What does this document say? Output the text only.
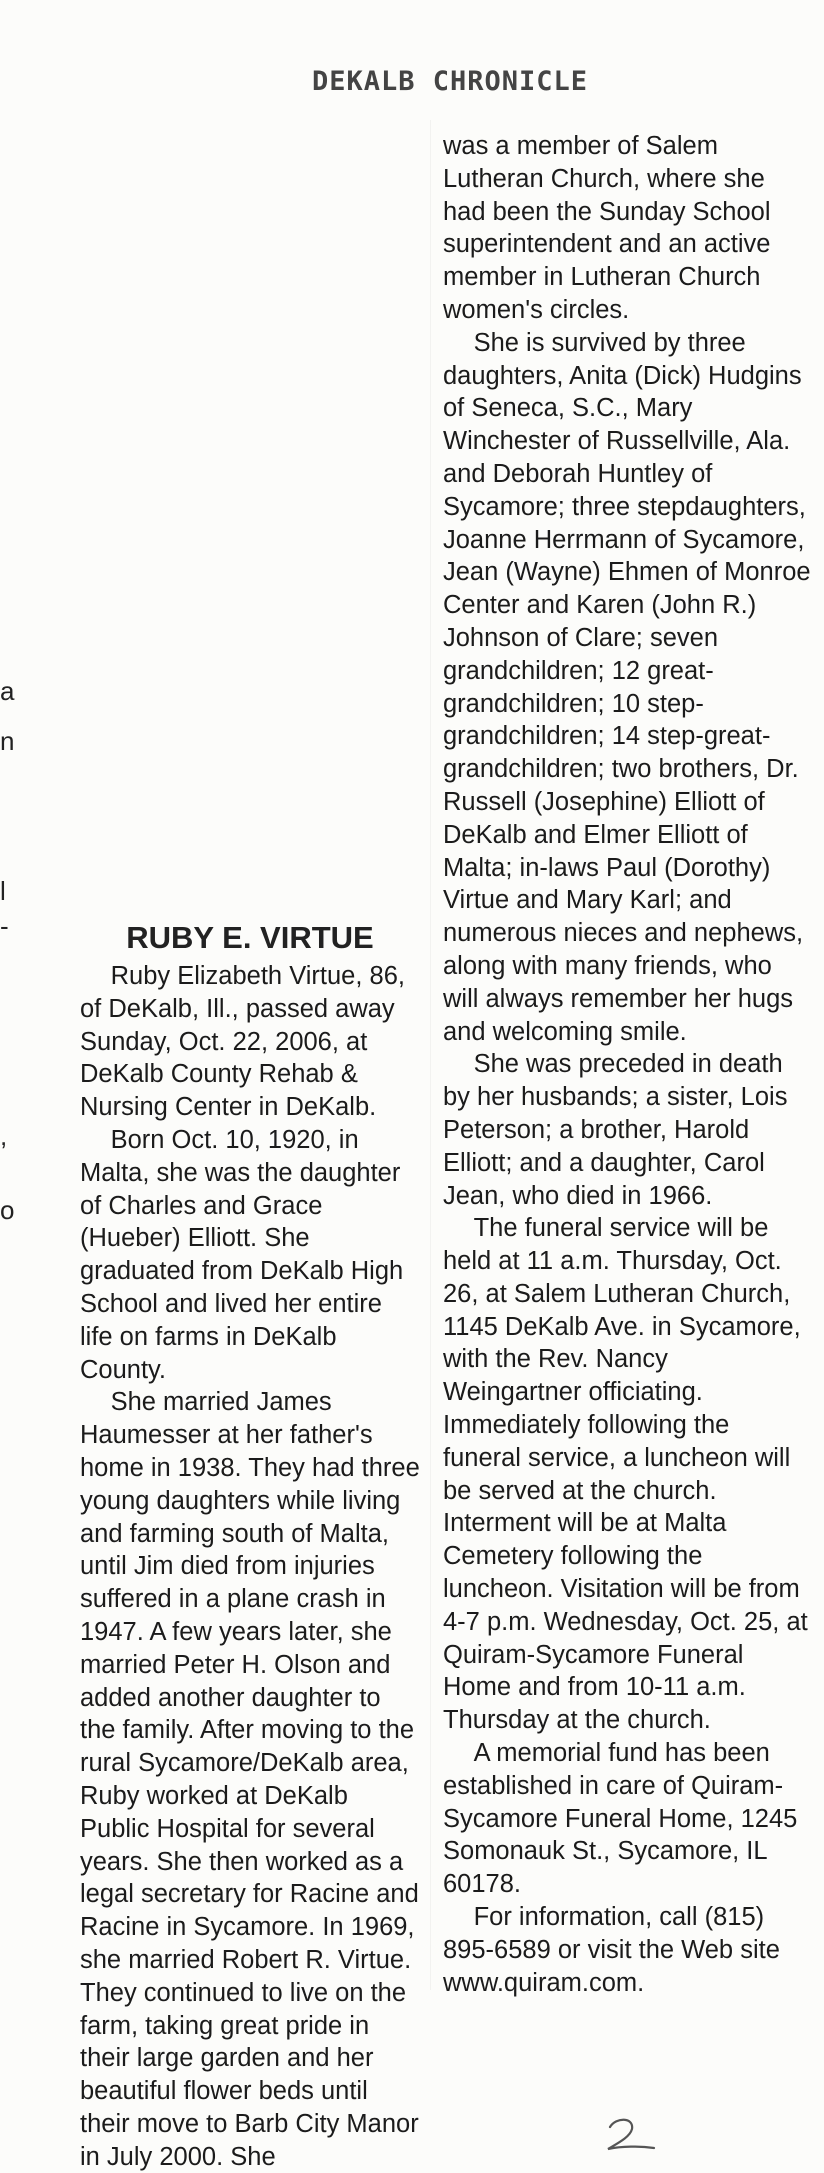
DEKALB CHRONICLE
a
n
l
-
,
o
RUBY E. VIRTUE

Ruby Elizabeth Virtue, 86, of DeKalb, Ill., passed away Sunday, Oct. 22, 2006, at DeKalb County Rehab & Nursing Center in DeKalb.

Born Oct. 10, 1920, in Malta, she was the daughter of Charles and Grace (Hueber) Elliott. She graduated from DeKalb High School and lived her entire life on farms in DeKalb County.

She married James Haumesser at her father's home in 1938. They had three young daughters while living and farming south of Malta, until Jim died from injuries suffered in a plane crash in 1947. A few years later, she married Peter H. Olson and added another daughter to the family. After moving to the rural Sycamore/DeKalb area, Ruby worked at DeKalb Public Hospital for several years. She then worked as a legal secretary for Racine and Racine in Sycamore. In 1969, she married Robert R. Virtue. They continued to live on the farm, taking great pride in their large garden and her beautiful flower beds until their move to Barb City Manor in July 2000. She

was a member of Salem Lutheran Church, where she had been the Sunday School superintendent and an active member in Lutheran Church women's circles.

She is survived by three daughters, Anita (Dick) Hudgins of Seneca, S.C., Mary Winchester of Russellville, Ala. and Deborah Huntley of Sycamore; three stepdaughters, Joanne Herrmann of Sycamore, Jean (Wayne) Ehmen of Monroe Center and Karen (John R.) Johnson of Clare; seven grandchildren; 12 great-grandchildren; 10 step-grandchildren; 14 step-great-grandchildren; two brothers, Dr. Russell (Josephine) Elliott of DeKalb and Elmer Elliott of Malta; in-laws Paul (Dorothy) Virtue and Mary Karl; and numerous nieces and nephews, along with many friends, who will always remember her hugs and welcoming smile.

She was preceded in death by her husbands; a sister, Lois Peterson; a brother, Harold Elliott; and a daughter, Carol Jean, who died in 1966.

The funeral service will be held at 11 a.m. Thursday, Oct. 26, at Salem Lutheran Church, 1145 DeKalb Ave. in Sycamore, with the Rev. Nancy Weingartner officiating. Immediately following the funeral service, a luncheon will be served at the church. Interment will be at Malta Cemetery following the luncheon. Visitation will be from 4-7 p.m. Wednesday, Oct. 25, at Quiram-Sycamore Funeral Home and from 10-11 a.m. Thursday at the church.

A memorial fund has been established in care of Quiram-Sycamore Funeral Home, 1245 Somonauk St., Sycamore, IL 60178.

For information, call (815) 895-6589 or visit the Web site www.quiram.com.
